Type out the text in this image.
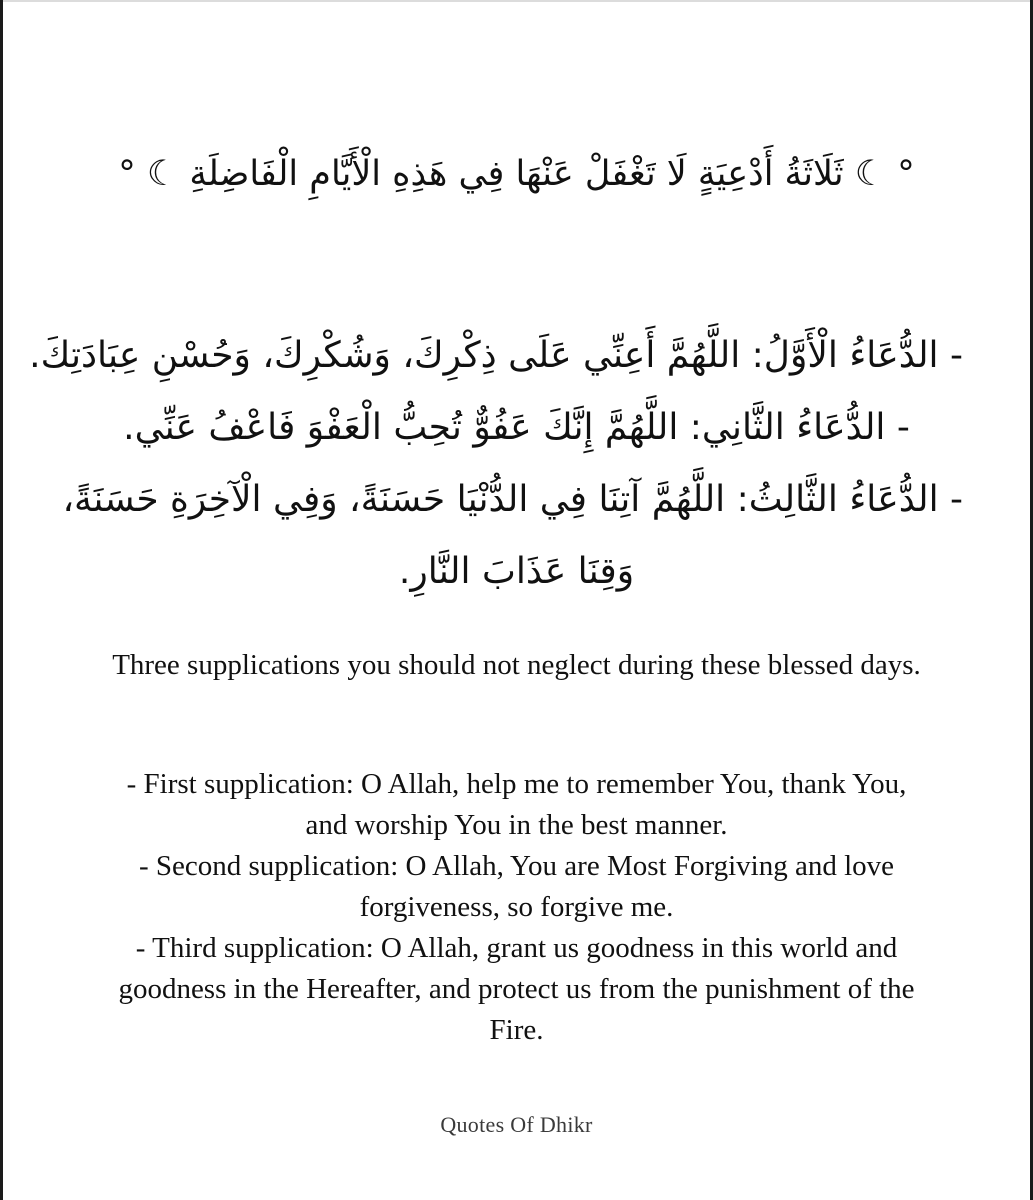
° ☾ ثَلَاثَةُ أَدْعِيَةٍ لَا تَغْفَلْ عَنْهَا فِي هَذِهِ الْأَيَّامِ الْفَاضِلَةِ ☾ °
- الدُّعَاءُ الْأَوَّلُ: اللَّهُمَّ أَعِنِّي عَلَى ذِكْرِكَ، وَشُكْرِكَ، وَحُسْنِ عِبَادَتِكَ.
- الدُّعَاءُ الثَّانِي: اللَّهُمَّ إِنَّكَ عَفُوٌّ تُحِبُّ الْعَفْوَ فَاعْفُ عَنِّي.
- الدُّعَاءُ الثَّالِثُ: اللَّهُمَّ آتِنَا فِي الدُّنْيَا حَسَنَةً، وَفِي الْآخِرَةِ حَسَنَةً،
وَقِنَا عَذَابَ النَّارِ.
Three supplications you should not neglect during these blessed days.
- First supplication: O Allah, help me to remember You, thank You, and worship You in the best manner.
- Second supplication: O Allah, You are Most Forgiving and love forgiveness, so forgive me.
- Third supplication: O Allah, grant us goodness in this world and goodness in the Hereafter, and protect us from the punishment of the Fire.
Quotes Of Dhikr
